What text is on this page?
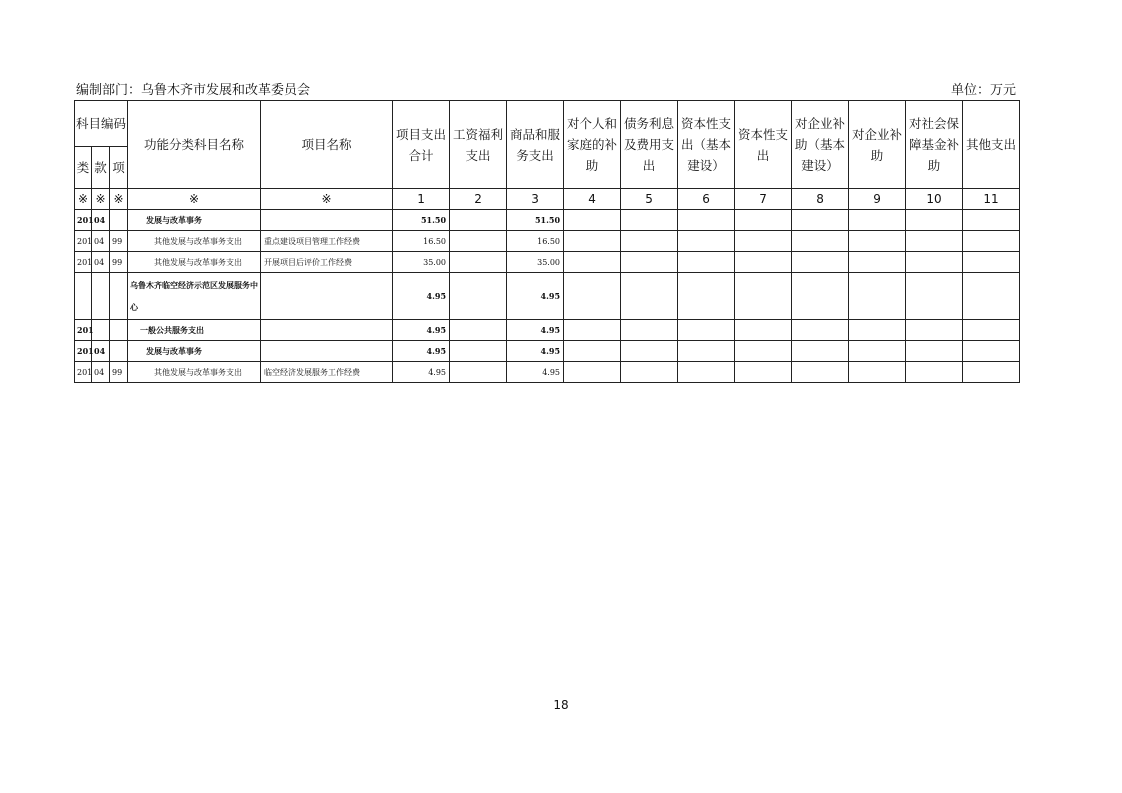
编制部门：乌鲁木齐市发展和改革委员会	单位：万元
科目编码			功能分类科目名称	项目名称	项目支出合计	工资福利支出	商品和服务支出	对个人和家庭的补助	债务利息及费用支出	资本性支出（基本建设）	资本性支出	对企业补助（基本建设）	对企业补助	对社会保障基金补助	其他支出

类	款	项													
※	※	※	※	※	1	2	3	4	5	6	7	8	9	10	11
201	04		发展与改革事务		51.50		51.50								
201	04	99	其他发展与改革事务支出	重点建设项目管理工作经费	16.50		16.50								
201	04	99	其他发展与改革事务支出	开展项目后评价工作经费	35.00		35.00								
			乌鲁木齐临空经济示范区发展服务中心		4.95		4.95								
201			一般公共服务支出		4.95		4.95								
201	04		发展与改革事务		4.95		4.95								
201	04	99	其他发展与改革事务支出	临空经济发展服务工作经费	4.95		4.95								
18
